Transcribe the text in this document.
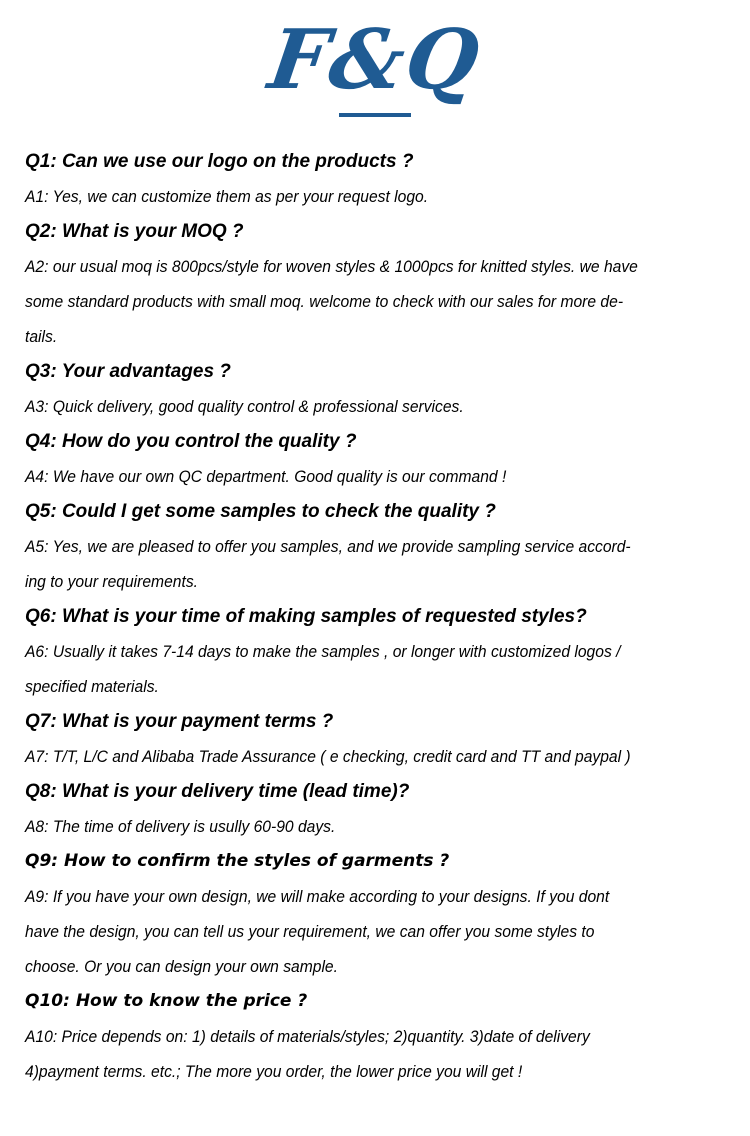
F&Q

Q1: Can we use our logo on the products ?

A1: Yes, we can customize them as per your request logo.

Q2: What is your MOQ ?

A2: our usual moq is 800pcs/style for woven styles & 1000pcs for knitted styles. we have

some standard products with small moq. welcome to check with our sales for more de-

tails.

Q3: Your advantages ?

A3: Quick delivery, good quality control & professional services.

Q4: How do you control the quality ?

A4: We have our own QC department. Good quality is our command !

Q5: Could I get some samples to check the quality ?

A5: Yes, we are pleased to offer you samples, and we provide sampling service accord-

ing to your requirements.

Q6: What is your time of making samples of requested styles?

A6: Usually it takes 7-14 days to make the samples , or longer with customized logos /

specified materials.

Q7: What is your payment terms ?

A7: T/T, L/C and Alibaba Trade Assurance ( e checking, credit card and TT and paypal )

Q8: What is your delivery time (lead time)?

A8: The time of delivery is usully 60-90 days.

Q9: How to confirm the styles of garments ?

A9: If you have your own design, we will make according to your designs. If you dont

have the design, you can tell us your requirement, we can offer you some styles to

choose. Or you can design your own sample.

Q10: How to know the price ?

A10: Price depends on: 1) details of materials/styles; 2)quantity. 3)date of delivery

4)payment terms. etc.; The more you order, the lower price you will get !
